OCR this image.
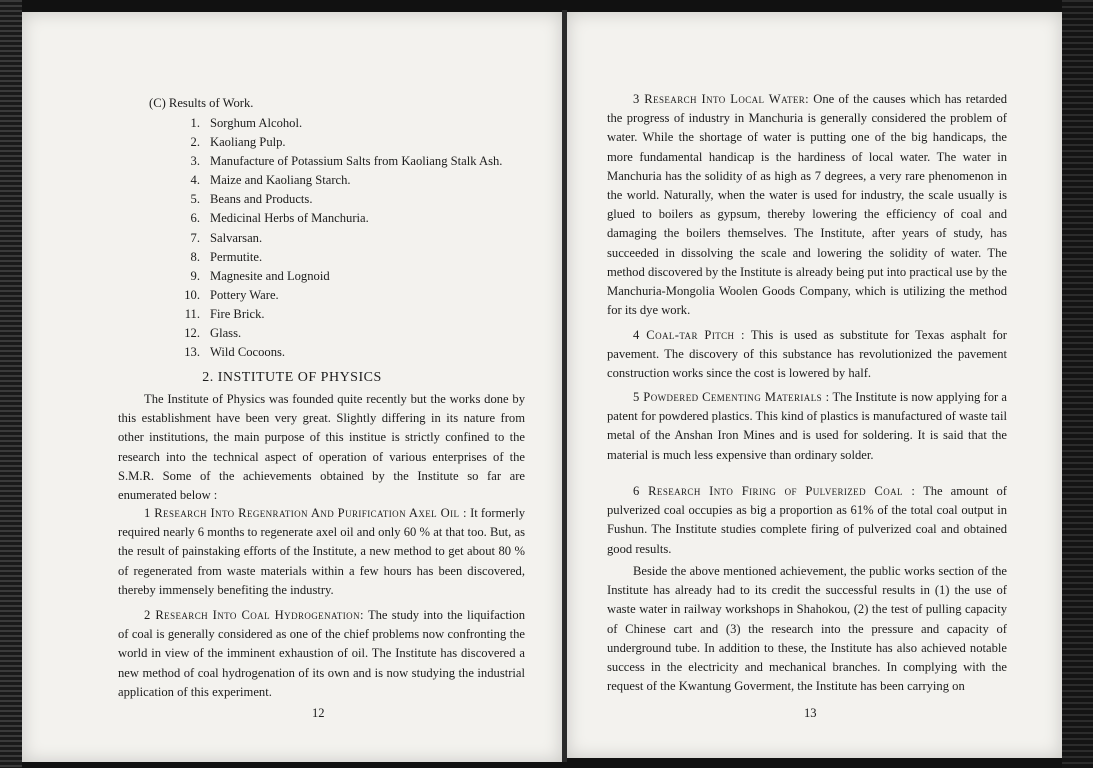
(C) Results of Work.
1. Sorghum Alcohol.
2. Kaoliang Pulp.
3. Manufacture of Potassium Salts from Kaoliang Stalk Ash.
4. Maize and Kaoliang Starch.
5. Beans and Products.
6. Medicinal Herbs of Manchuria.
7. Salvarsan.
8. Permutite.
9. Magnesite and Lognoid
10. Pottery Ware.
11. Fire Brick.
12. Glass.
13. Wild Cocoons.
2. INSTITUTE OF PHYSICS

The Institute of Physics was founded quite recently but the works done by this establishment have been very great. Slightly differing in its nature from other institutions, the main purpose of this institue is strictly confined to the research into the technical aspect of operation of various enterprises of the S.M.R. Some of the achievements obtained by the Institute so far are enumerated below :

1 Research Into Regenration And Purification Axel Oil : It formerly required nearly 6 months to regenerate axel oil and only 60 % at that too. But, as the result of painstaking efforts of the Institute, a new method to get about 80 % of regenerated from waste materials within a few hours has been discovered, thereby immensely benefiting the industry.

2 Research Into Coal Hydrogenation: The study into the liquifaction of coal is generally considered as one of the chief problems now confronting the world in view of the imminent exhaustion of oil. The Institute has discovered a new method of coal hydrogenation of its own and is now studying the industrial application of this experiment.

12

3 Research Into Local Water: One of the causes which has retarded the progress of industry in Manchuria is generally considered the problem of water. While the shortage of water is putting one of the big handicaps, the more fundamental handicap is the hardiness of local water. The water in Manchuria has the solidity of as high as 7 degrees, a very rare phenomenon in the world. Naturally, when the water is used for industry, the scale usually is glued to boilers as gypsum, thereby lowering the efficiency of coal and damaging the boilers themselves. The Institute, after years of study, has succeeded in dissolving the scale and lowering the solidity of water. The method discovered by the Institute is already being put into practical use by the Manchuria-Mongolia Woolen Goods Company, which is utilizing the method for its dye work.

4 Coal-tar Pitch : This is used as substitute for Texas asphalt for pavement. The discovery of this substance has revolutionized the pavement construction works since the cost is lowered by half.

5 Powdered Cementing Materials : The Institute is now applying for a patent for powdered plastics. This kind of plastics is manufactured of waste tail metal of the Anshan Iron Mines and is used for soldering. It is said that the material is much less expensive than ordinary solder.

6 Research Into Firing of Pulverized Coal : The amount of pulverized coal occupies as big a proportion as 61% of the total coal output in Fushun. The Institute studies complete firing of pulverized coal and obtained good results.

Beside the above mentioned achievement, the public works section of the Institute has already had to its credit the successful results in (1) the use of waste water in railway workshops in Shahokou, (2) the test of pulling capacity of Chinese cart and (3) the research into the pressure and capacity of underground tube. In addition to these, the Institute has also achieved notable success in the electricity and mechanical branches. In complying with the request of the Kwantung Goverment, the Institute has been carrying on

13
